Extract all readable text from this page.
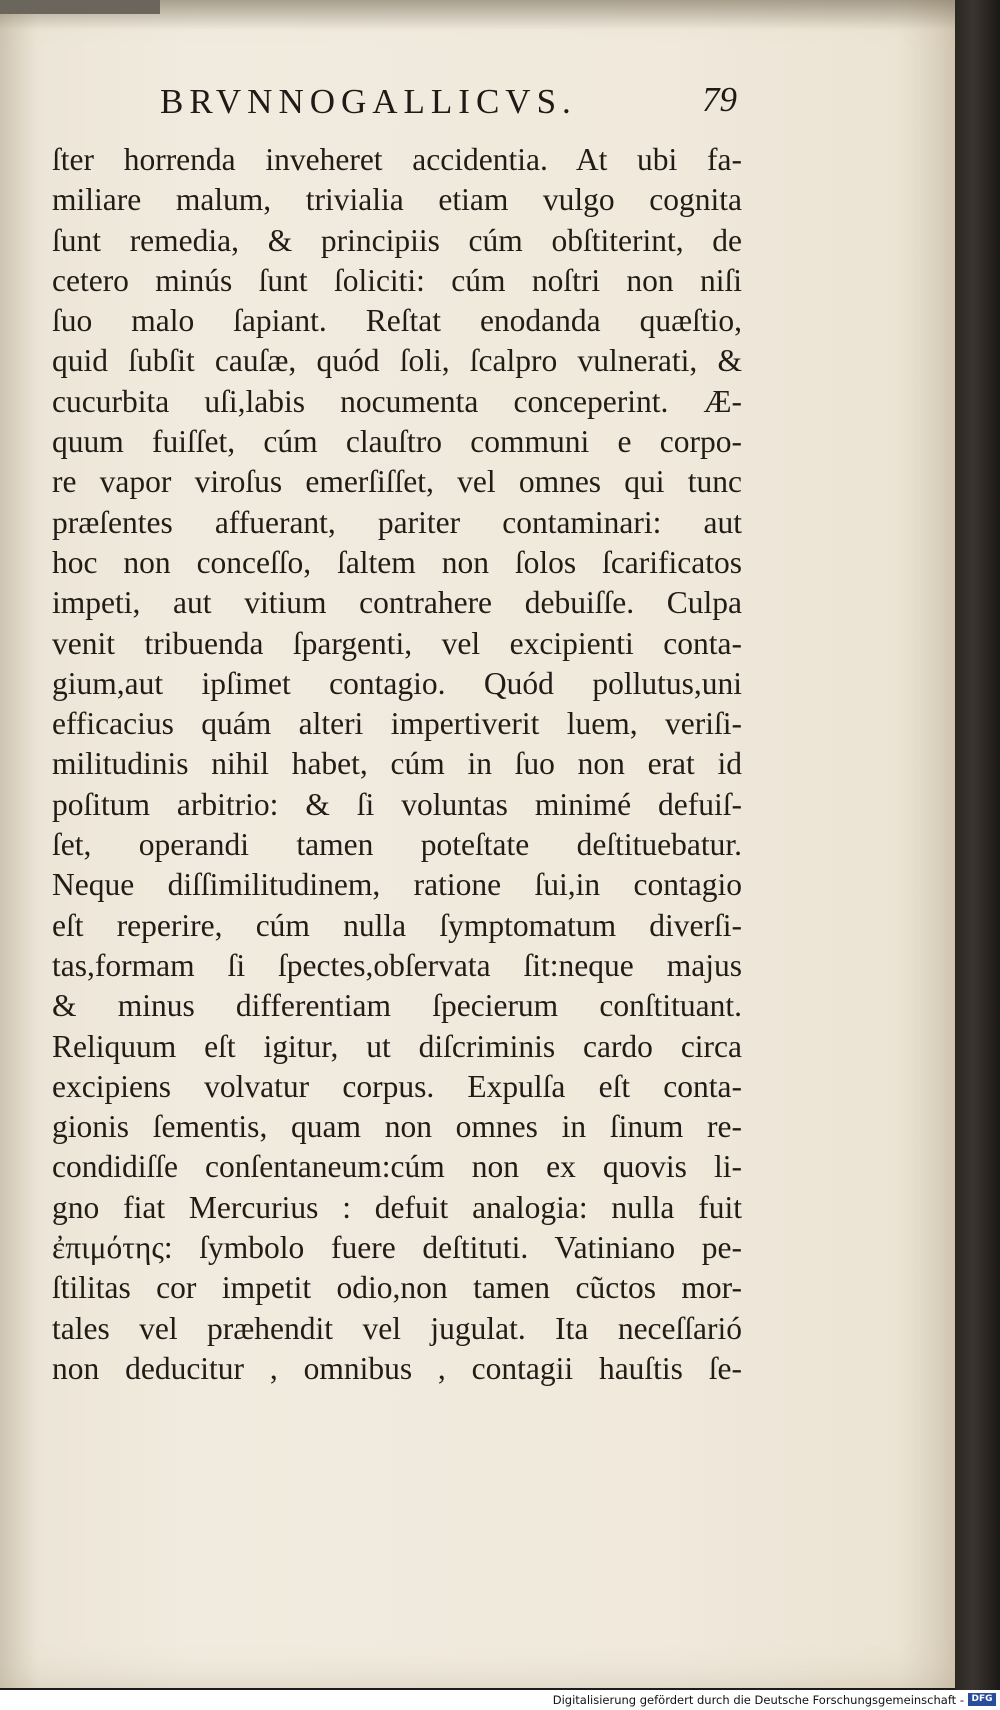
BRVNNOGALLICVS.	79
ſter horrenda inveheret accidentia. At ubi fa-
miliare malum, trivialia etiam vulgo cognita
ſunt remedia, & principiis cúm obſtiterint, de
cetero minús ſunt ſoliciti: cúm noſtri non niſi
ſuo malo ſapiant. Reſtat enodanda quæſtio,
quid ſubſit cauſæ, quód ſoli, ſcalpro vulnerati, &
cucurbita uſi,labis nocumenta conceperint. Æ-
quum fuiſſet, cúm clauſtro communi e corpo-
re vapor viroſus emerſiſſet, vel omnes qui tunc
præſentes affuerant, pariter contaminari: aut
hoc non conceſſo, ſaltem non ſolos ſcarificatos
impeti, aut vitium contrahere debuiſſe. Culpa
venit tribuenda ſpargenti, vel excipienti conta-
gium,aut ipſimet contagio. Quód pollutus,uni
efficacius quám alteri impertiverit luem, veriſi-
militudinis nihil habet, cúm in ſuo non erat id
poſitum arbitrio: & ſi voluntas minimé defuiſ-
ſet, operandi tamen poteſtate deſtituebatur.
Neque diſſimilitudinem, ratione ſui,in contagio
eſt reperire, cúm nulla ſymptomatum diverſi-
tas,formam ſi ſpectes,obſervata ſit:neque majus
& minus differentiam ſpecierum conſtituant.
Reliquum eſt igitur, ut diſcriminis cardo circa
excipiens volvatur corpus. Expulſa eſt conta-
gionis ſementis, quam non omnes in ſinum re-
condidiſſe conſentaneum:cúm non ex quovis li-
gno fiat Mercurius : defuit analogia: nulla fuit
ἐπιμότης: ſymbolo fuere deſtituti. Vatiniano pe-
ſtilitas cor impetit odio,non tamen cũctos mor-
tales vel præhendit vel jugulat. Ita neceſſarió
non deducitur , omnibus , contagii hauſtis ſe-
Digitalisierung gefördert durch die Deutsche Forschungsgemeinschaft - DFG
